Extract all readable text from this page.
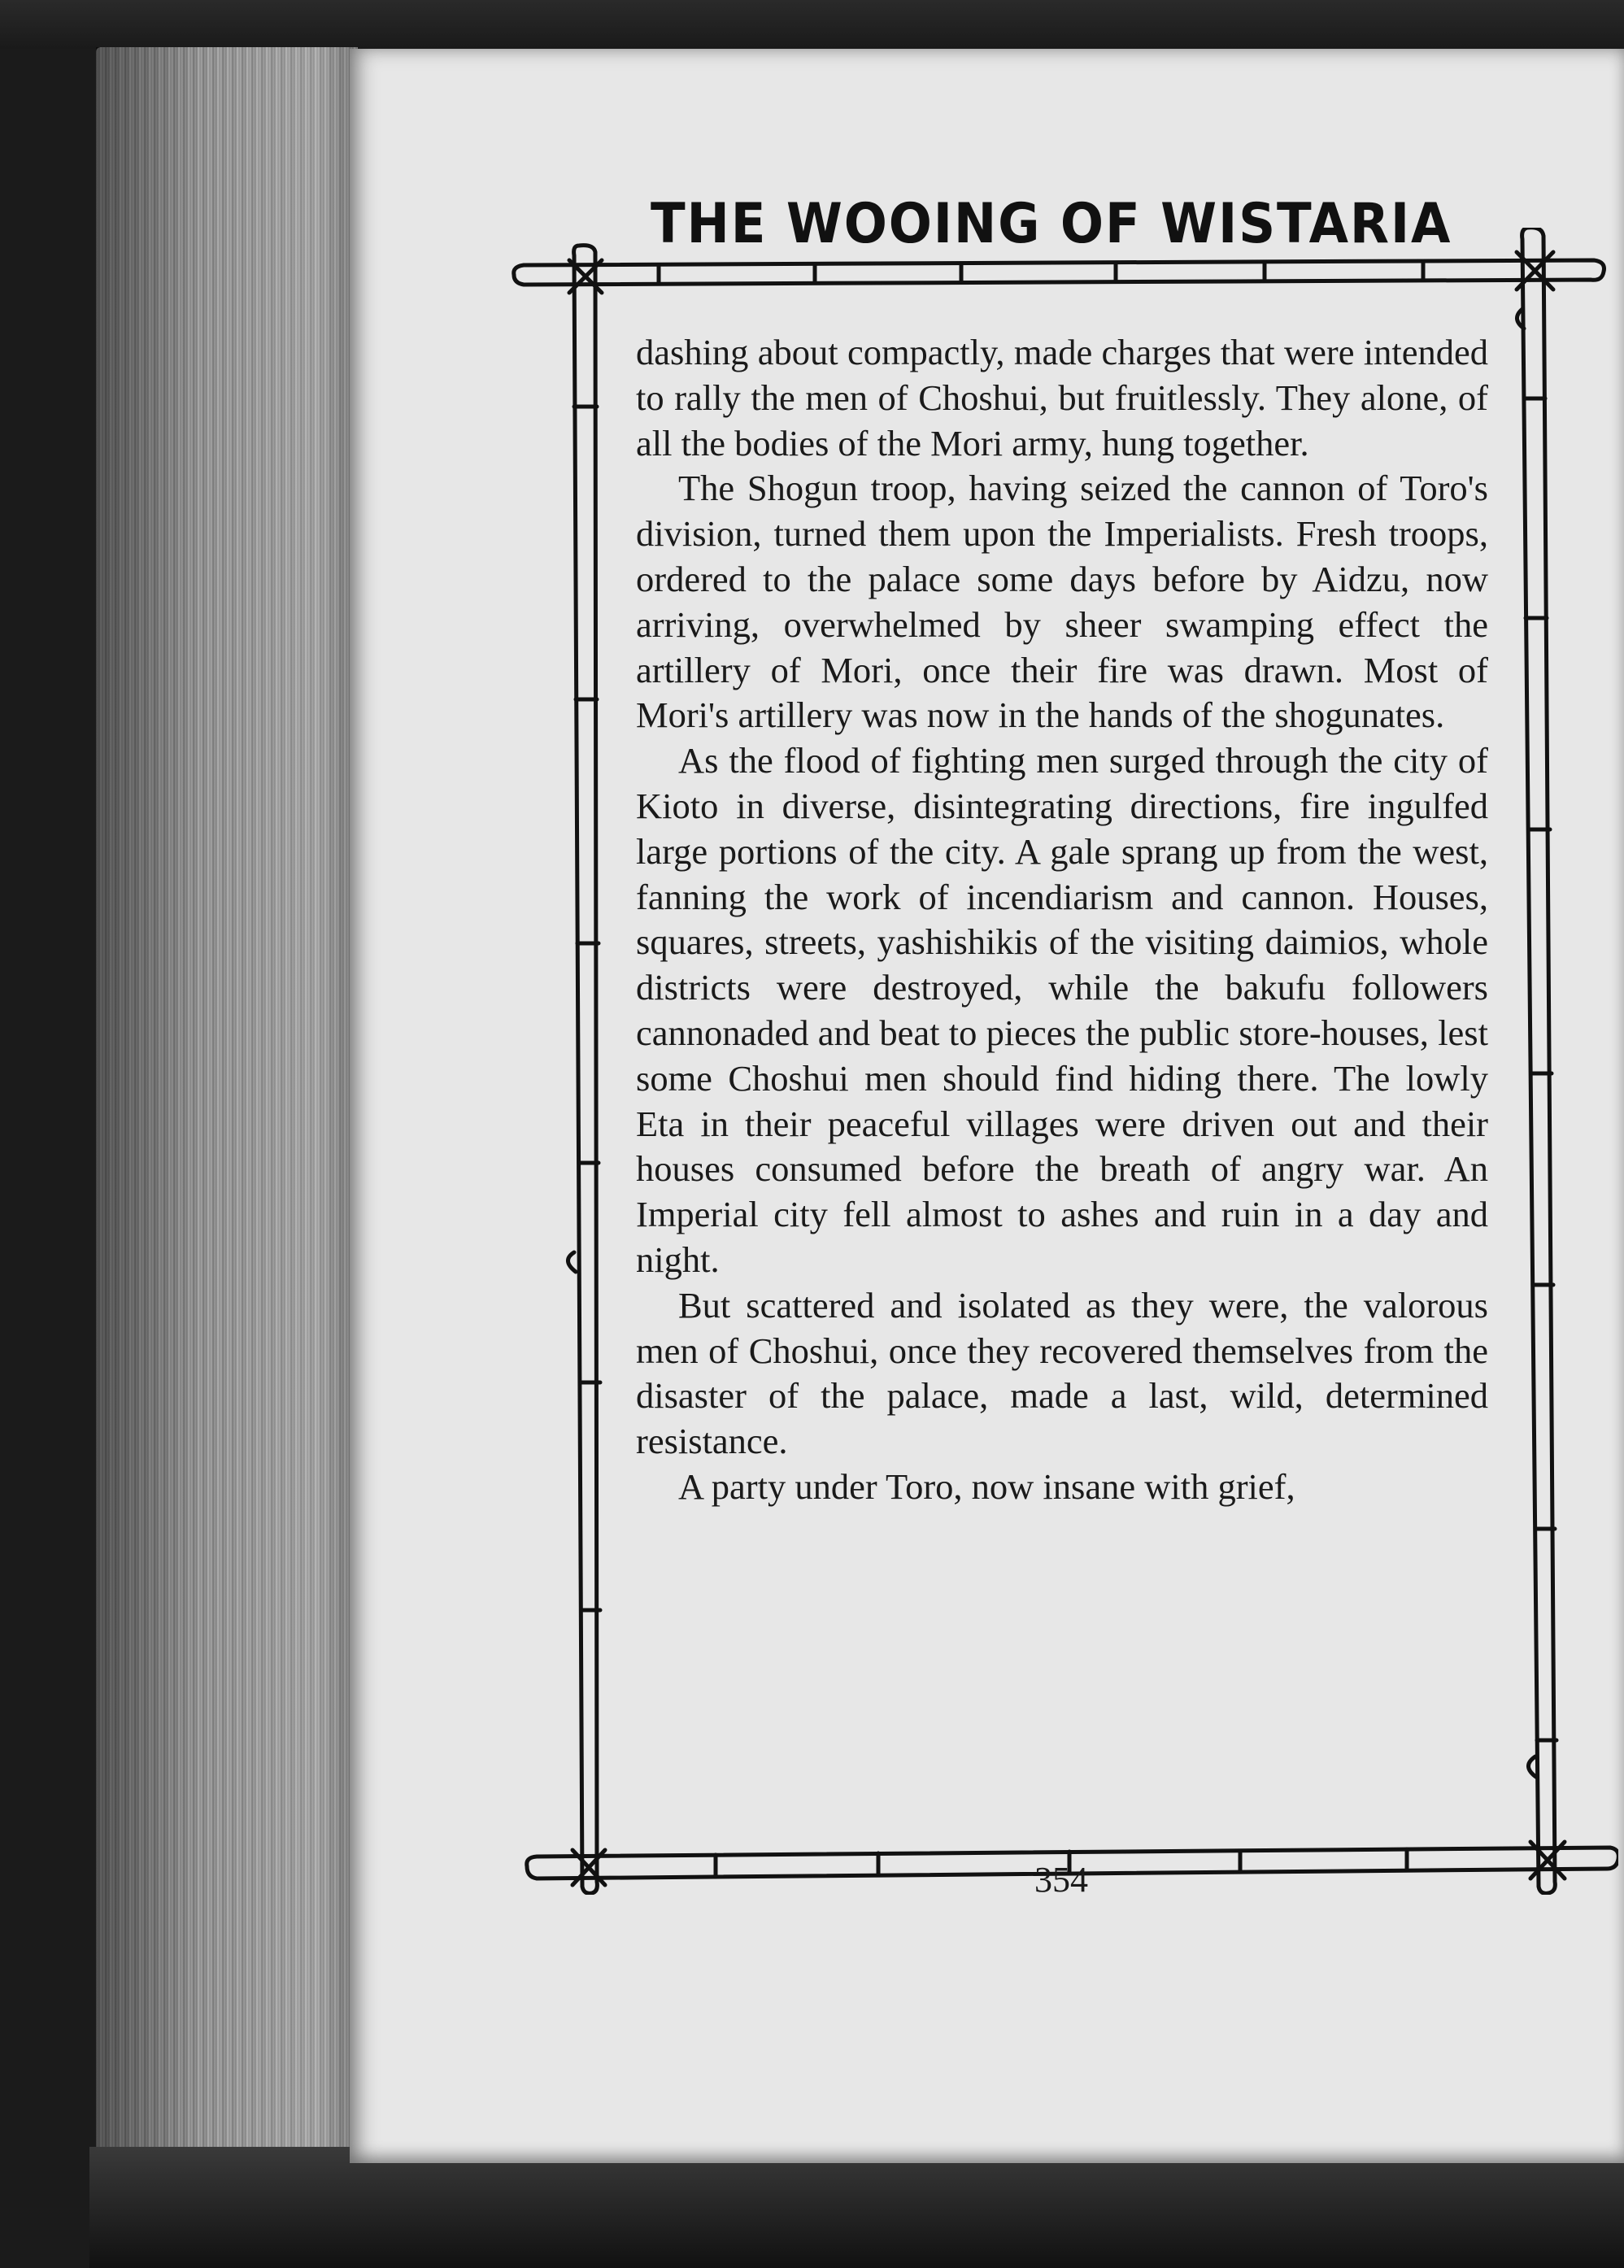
THE WOOING OF WISTARIA

dashing about compactly, made charges that were intended to rally the men of Choshui, but fruitlessly. They alone, of all the bodies of the Mori army, hung together.

The Shogun troop, having seized the cannon of Toro's division, turned them upon the Imperialists. Fresh troops, ordered to the palace some days before by Aidzu, now arriving, overwhelmed by sheer swamping effect the artillery of Mori, once their fire was drawn. Most of Mori's artillery was now in the hands of the shogunates.

As the flood of fighting men surged through the city of Kioto in diverse, disintegrating directions, fire ingulfed large portions of the city. A gale sprang up from the west, fanning the work of incendiarism and cannon. Houses, squares, streets, yashishikis of the visiting daimios, whole districts were destroyed, while the bakufu followers cannonaded and beat to pieces the public store-houses, lest some Choshui men should find hiding there. The lowly Eta in their peaceful villages were driven out and their houses consumed before the breath of angry war. An Imperial city fell almost to ashes and ruin in a day and night.

But scattered and isolated as they were, the valorous men of Choshui, once they recovered themselves from the disaster of the palace, made a last, wild, determined resistance.

A party under Toro, now insane with grief,

354
